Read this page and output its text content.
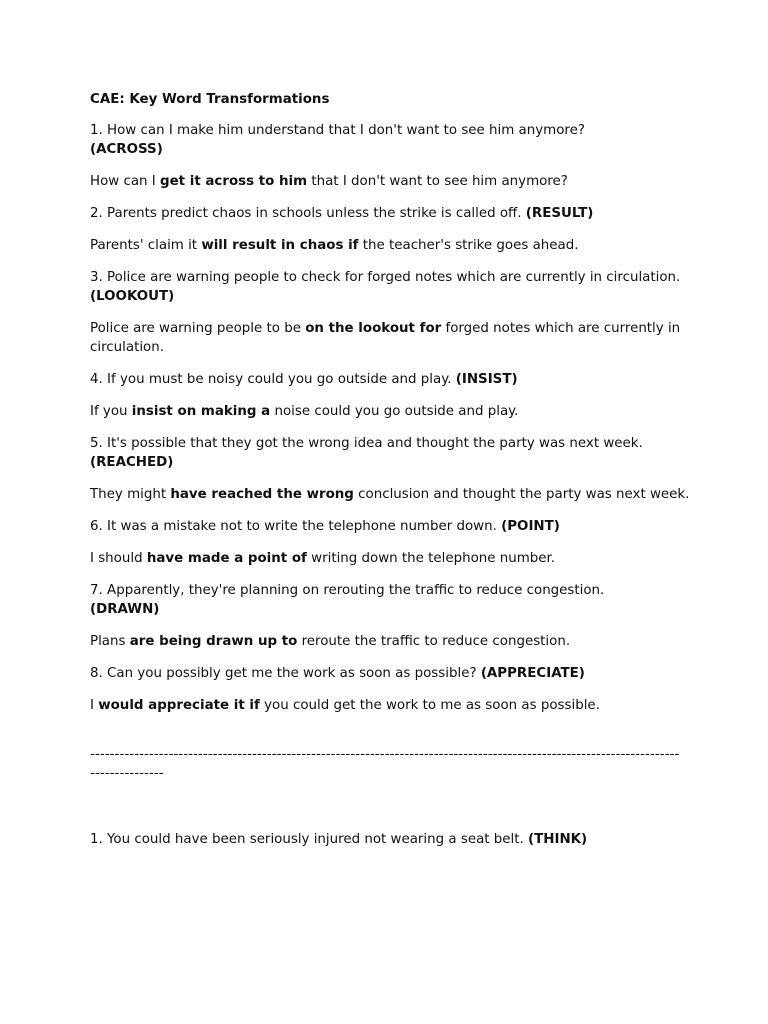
CAE: Key Word Transformations
1. How can I make him understand that I don't want to see him anymore?
(ACROSS)
How can I get it across to him that I don't want to see him anymore?
2. Parents predict chaos in schools unless the strike is called off. (RESULT)
Parents' claim it will result in chaos if the teacher's strike goes ahead.
3. Police are warning people to check for forged notes which are currently in circulation. (LOOKOUT)
Police are warning people to be on the lookout for forged notes which are currently in circulation.
4. If you must be noisy could you go outside and play. (INSIST)
If you insist on making a noise could you go outside and play.
5. It's possible that they got the wrong idea and thought the party was next week.
(REACHED)
They might have reached the wrong conclusion and thought the party was next week.
6. It was a mistake not to write the telephone number down. (POINT)
I should have made a point of writing down the telephone number.
7. Apparently, they're planning on rerouting the traffic to reduce congestion.
(DRAWN)
Plans are being drawn up to reroute the traffic to reduce congestion.
8. Can you possibly get me the work as soon as possible? (APPRECIATE)
I would appreciate it if you could get the work to me as soon as possible.
---------------------------------------------------------------------------------------------------------------------------------------
1. You could have been seriously injured not wearing a seat belt. (THINK)
